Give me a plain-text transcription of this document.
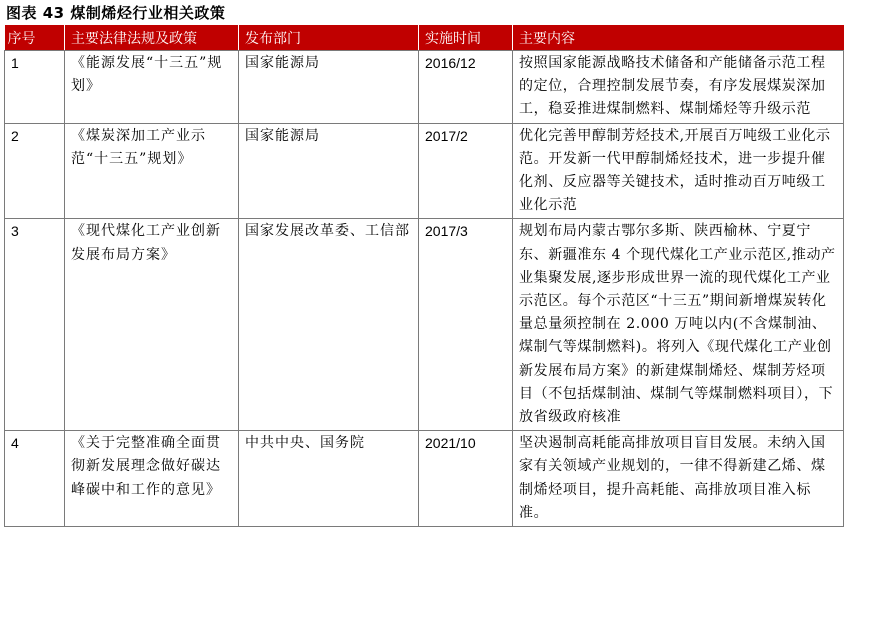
图表 43 煤制烯烃行业相关政策
序号	主要法律法规及政策	发布部门	实施时间	主要内容
1	《能源发展“十三五”规划》	国家能源局	2016/12	按照国家能源战略技术储备和产能储备示范工程的定位，合理控制发展节奏，有序发展煤炭深加工，稳妥推进煤制燃料、煤制烯烃等升级示范
2	《煤炭深加工产业示范“十三五”规划》	国家能源局	2017/2	优化完善甲醇制芳烃技术,开展百万吨级工业化示范。开发新一代甲醇制烯烃技术，进一步提升催化剂、反应器等关键技术，适时推动百万吨级工业化示范
3	《现代煤化工产业创新发展布局方案》	国家发展改革委、工信部	2017/3	规划布局内蒙古鄂尔多斯、陕西榆林、宁夏宁东、新疆准东 4 个现代煤化工产业示范区,推动产业集聚发展,逐步形成世界一流的现代煤化工产业示范区。每个示范区“十三五”期间新增煤炭转化量总量须控制在 2.000 万吨以内(不含煤制油、煤制气等煤制燃料)。将列入《现代煤化工产业创新发展布局方案》的新建煤制烯烃、煤制芳烃项目（不包括煤制油、煤制气等煤制燃料项目），下放省级政府核准
4	《关于完整准确全面贯彻新发展理念做好碳达峰碳中和工作的意见》	中共中央、国务院	2021/10	坚决遏制高耗能高排放项目盲目发展。未纳入国家有关领域产业规划的，一律不得新建乙烯、煤制烯烃项目，提升高耗能、高排放项目准入标准。
